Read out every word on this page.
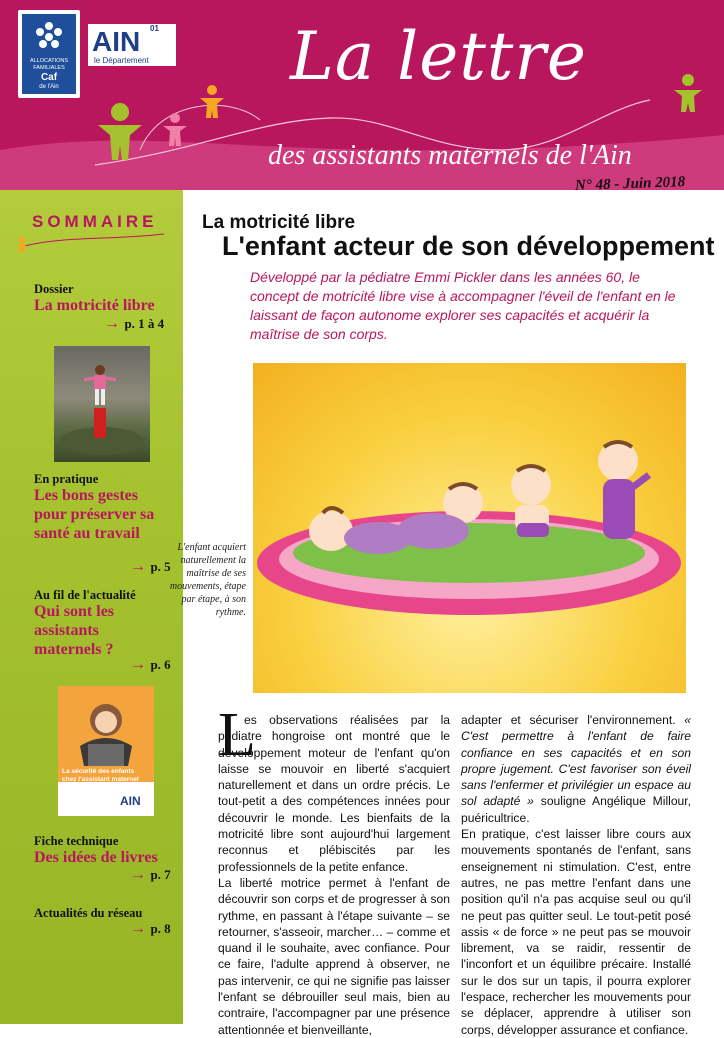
ALLOCATIONS
FAMILIALES
Caf
de l'Ain
AIN 01
le Département La lettre
des assistants maternels de l'Ain
N° 48 - Juin 2018
SOMMAIRE
Dossier
La motricité libre
→ p. 1 à 4
En pratique
Les bons gestes pour préserver sa santé au travail
→ p. 5
Au fil de l'actualité
Qui sont les assistants maternels ?
→ p. 6
La sécurité des enfants
chez l'assistant maternel
AIN
Fiche technique
Des idées de livres
→ p. 7
Actualités du réseau
→ p. 8
La motricité libre
L'enfant acteur de son développement
Développé par la pédiatre Emmi Pickler dans les années 60, le concept de motricité libre vise à accompagner l'éveil de l'enfant en le laissant de façon autonome explorer ses capacités et acquérir la maîtrise de son corps.
L'enfant acquiert naturellement la maîtrise de ses mouvements, étape par étape, à son rythme.
L

es observations réalisées par la pédiatre hongroise ont montré que le développement moteur de l'enfant qu'on laisse se mouvoir en liberté s'acquiert naturellement et dans un ordre précis. Le tout-petit a des compétences innées pour découvrir le monde. Les bienfaits de la motricité libre sont aujourd'hui largement reconnus et plébiscités par les professionnels de la petite enfance.

La liberté motrice permet à l'enfant de découvrir son corps et de progresser à son rythme, en passant à l'étape suivante – se retourner, s'asseoir, marcher… – comme et quand il le souhaite, avec confiance. Pour ce faire, l'adulte apprend à observer, ne pas intervenir, ce qui ne signifie pas laisser l'enfant se débrouiller seul mais, bien au contraire, l'accompagner par une présence attentionnée et bienveillante,

adapter et sécuriser l'environnement. « C'est permettre à l'enfant de faire confiance en ses capacités et en son propre jugement. C'est favoriser son éveil sans l'enfermer et privilégier un espace au sol adapté » souligne Angélique Millour, puéricultrice.

En pratique, c'est laisser libre cours aux mouvements spontanés de l'enfant, sans enseignement ni stimulation. C'est, entre autres, ne pas mettre l'enfant dans une position qu'il n'a pas acquise seul ou qu'il ne peut pas quitter seul. Le tout-petit posé assis « de force » ne peut pas se mouvoir librement, va se raidir, ressentir de l'inconfort et un équilibre précaire. Installé sur le dos sur un tapis, il pourra explorer l'espace, rechercher les mouvements pour se déplacer, apprendre à utiliser son corps, développer assurance et confiance.
